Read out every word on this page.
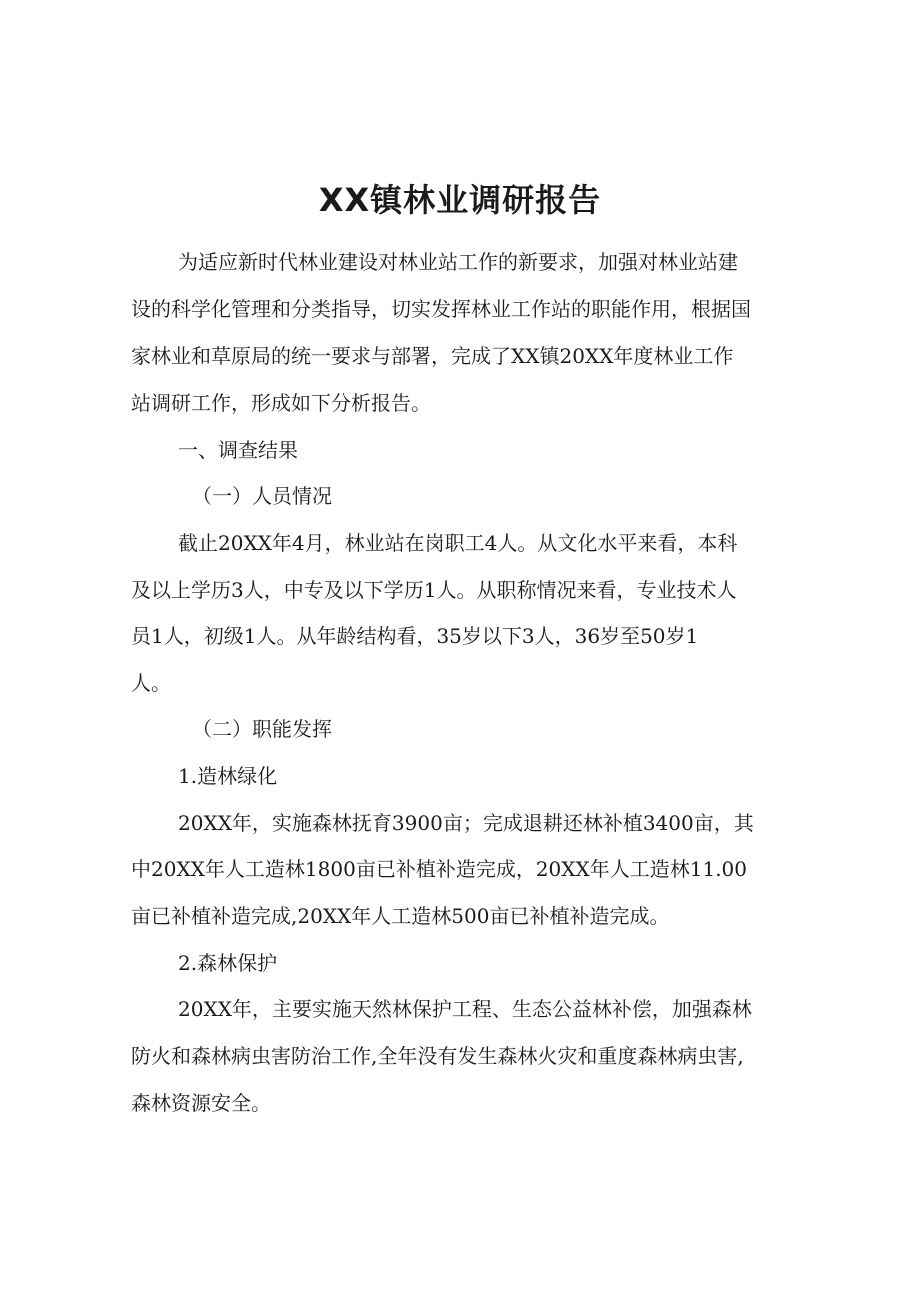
XX镇林业调研报告

为适应新时代林业建设对林业站工作的新要求，加强对林业站建

设的科学化管理和分类指导，切实发挥林业工作站的职能作用，根据国

家林业和草原局的统一要求与部署，完成了XX镇20XX年度林业工作

站调研工作，形成如下分析报告。

一、调查结果

（一）人员情况

截止20XX年4月，林业站在岗职工4人。从文化水平来看，本科

及以上学历3人，中专及以下学历1人。从职称情况来看，专业技术人

员1人，初级1人。从年龄结构看，35岁以下3人，36岁至50岁1

人。

（二）职能发挥

1.造林绿化

20XX年，实施森林抚育3900亩；完成退耕还林补植3400亩，其

中20XX年人工造林1800亩已补植补造完成，20XX年人工造林11.00

亩已补植补造完成,20XX年人工造林500亩已补植补造完成。

2.森林保护

20XX年，主要实施天然林保护工程、生态公益林补偿，加强森林

防火和森林病虫害防治工作,全年没有发生森林火灾和重度森林病虫害,

森林资源安全。
